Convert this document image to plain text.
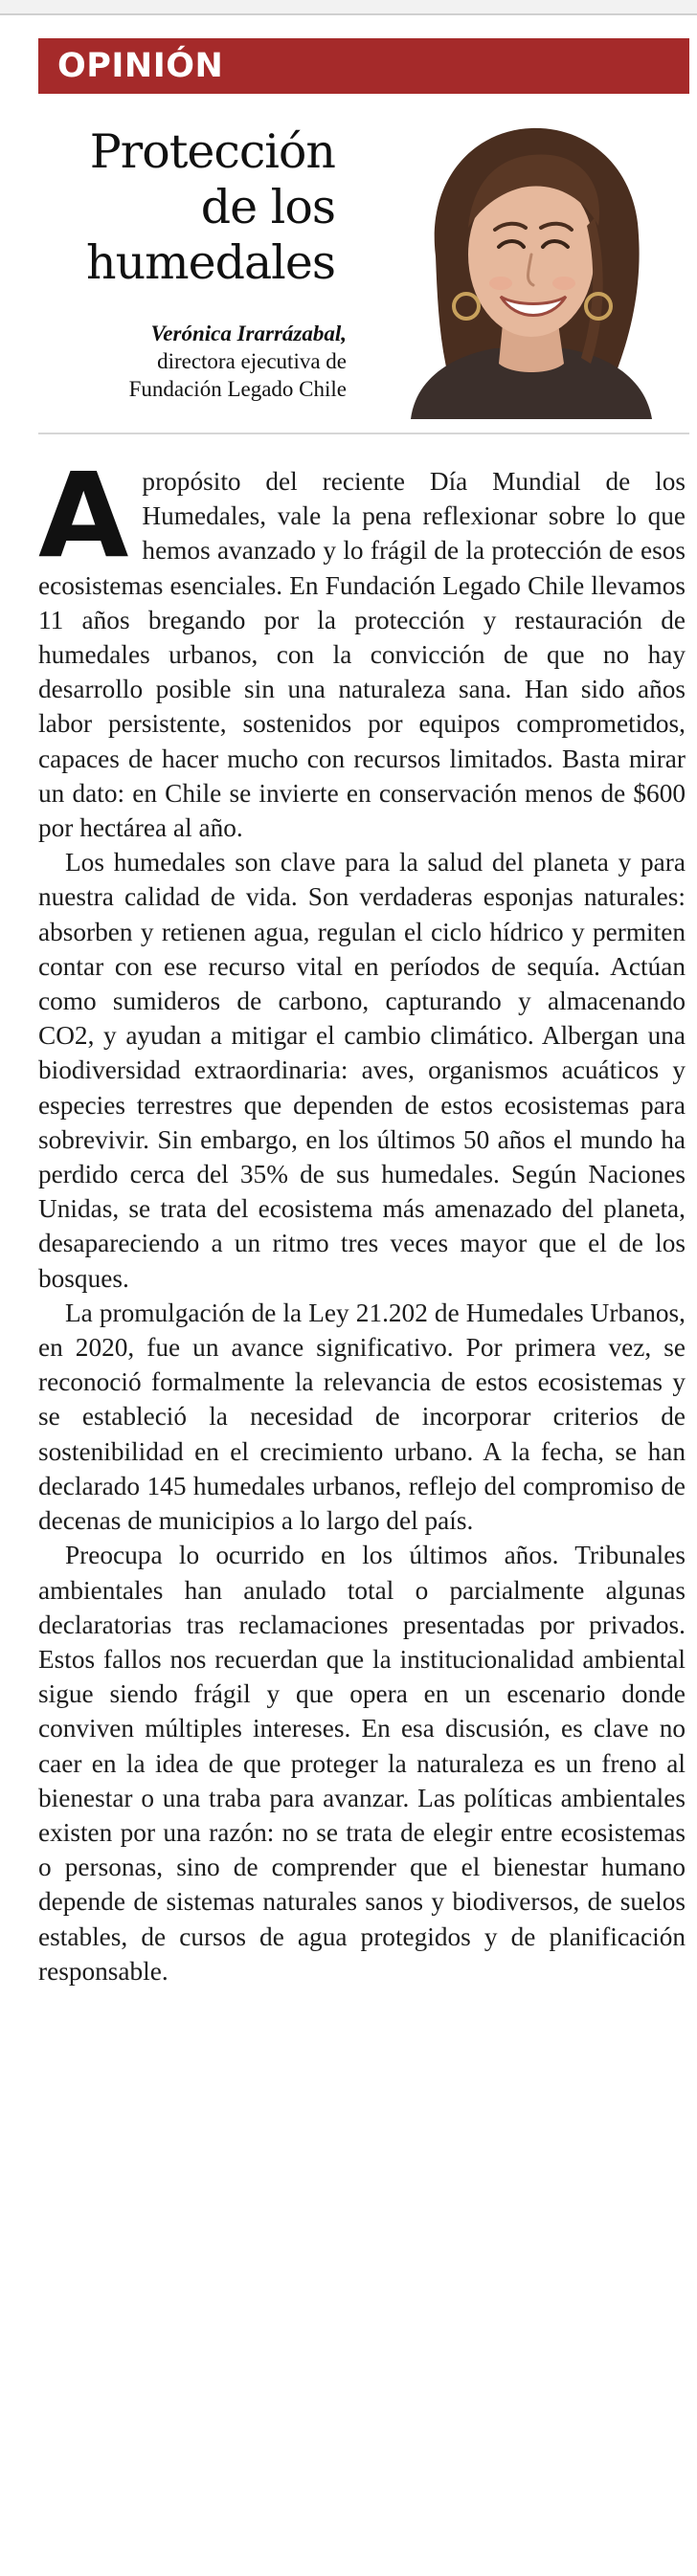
OPINIÓN
Protección
de los
humedales
Verónica Irarrázabal,
directora ejecutiva de
Fundación Legado Chile

A propósito del reciente Día Mundial de los Humedales, vale la pena reflexionar sobre lo que hemos avanzado y lo frágil de la protección de esos ecosistemas esenciales. En Fundación Legado Chile llevamos 11 años bregando por la protección y restauración de humedales urbanos, con la convicción de que no hay desarrollo posible sin una naturaleza sana. Han sido años labor persistente, sostenidos por equipos comprometidos, capaces de hacer mucho con recursos limitados. Basta mirar un dato: en Chile se invierte en conservación menos de $600 por hectárea al año.

Los humedales son clave para la salud del planeta y para nuestra calidad de vida. Son verdaderas esponjas naturales: absorben y retienen agua, regulan el ciclo hídrico y permiten contar con ese recurso vital en períodos de sequía. Actúan como sumideros de carbono, capturando y almacenando CO2, y ayudan a mitigar el cambio climático. Albergan una biodiversidad extraordinaria: aves, organismos acuáticos y especies terrestres que dependen de estos ecosistemas para sobrevivir. Sin embargo, en los últimos 50 años el mundo ha perdido cerca del 35% de sus humedales. Según Naciones Unidas, se trata del ecosistema más amenazado del planeta, desapareciendo a un ritmo tres veces mayor que el de los bosques.

La promulgación de la Ley 21.202 de Humedales Urbanos, en 2020, fue un avance significativo. Por primera vez, se reconoció formalmente la relevancia de estos ecosistemas y se estableció la necesidad de incorporar criterios de sostenibilidad en el crecimiento urbano. A la fecha, se han declarado 145 humedales urbanos, reflejo del compromiso de decenas de municipios a lo largo del país.

Preocupa lo ocurrido en los últimos años. Tribunales ambientales han anulado total o parcialmente algunas declaratorias tras reclamaciones presentadas por privados. Estos fallos nos recuerdan que la institucionalidad ambiental sigue siendo frágil y que opera en un escenario donde conviven múltiples intereses. En esa discusión, es clave no caer en la idea de que proteger la naturaleza es un freno al bienestar o una traba para avanzar. Las políticas ambientales existen por una razón: no se trata de elegir entre ecosistemas o personas, sino de comprender que el bienestar humano depende de sistemas naturales sanos y biodiversos, de suelos estables, de cursos de agua protegidos y de planificación responsable.
